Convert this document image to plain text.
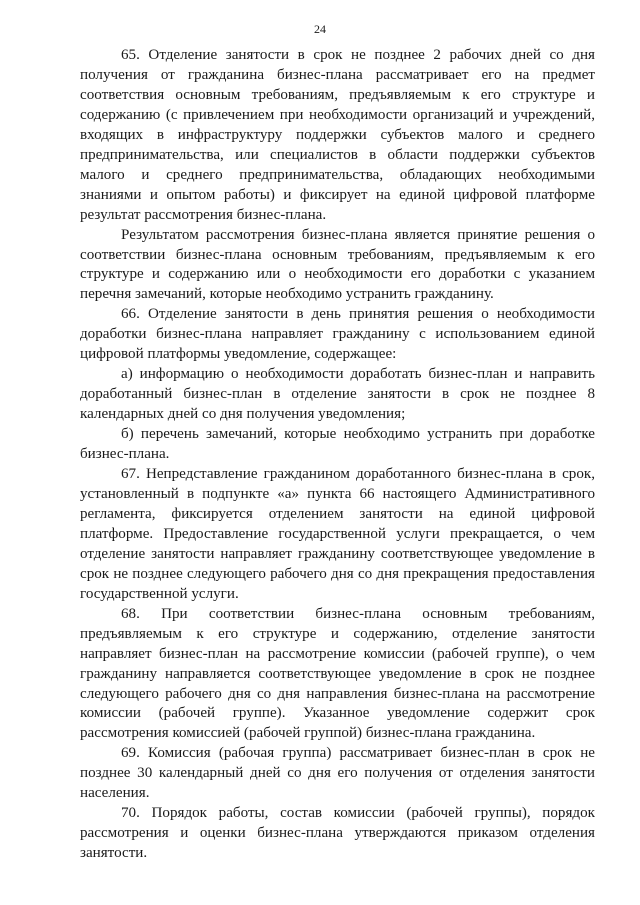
24

65. Отделение занятости в срок не позднее 2 рабочих дней со дня получения от гражданина бизнес-плана рассматривает его на предмет соответствия основным требованиям, предъявляемым к его структуре и содержанию (с привлечением при необходимости организаций и учреждений, входящих в инфраструктуру поддержки субъектов малого и среднего предпринимательства, или специалистов в области поддержки субъектов малого и среднего предпринимательства, обладающих необходимыми знаниями и опытом работы) и фиксирует на единой цифровой платформе результат рассмотрения бизнес-плана.

Результатом рассмотрения бизнес-плана является принятие решения о соответствии бизнес-плана основным требованиям, предъявляемым к его структуре и содержанию или о необходимости его доработки с указанием перечня замечаний, которые необходимо устранить гражданину.

66. Отделение занятости в день принятия решения о необходимости доработки бизнес-плана направляет гражданину с использованием единой цифровой платформы уведомление, содержащее:

а) информацию о необходимости доработать бизнес-план и направить доработанный бизнес-план в отделение занятости в срок не позднее 8 календарных дней со дня получения уведомления;

б) перечень замечаний, которые необходимо устранить при доработке бизнес-плана.

67. Непредставление гражданином доработанного бизнес-плана в срок, установленный в подпункте «а» пункта 66 настоящего Административного регламента, фиксируется отделением занятости на единой цифровой платформе. Предоставление государственной услуги прекращается, о чем отделение занятости направляет гражданину соответствующее уведомление в срок не позднее следующего рабочего дня со дня прекращения предоставления государственной услуги.

68. При соответствии бизнес-плана основным требованиям, предъявляемым к его структуре и содержанию, отделение занятости направляет бизнес-план на рассмотрение комиссии (рабочей группе), о чем гражданину направляется соответствующее уведомление в срок не позднее следующего рабочего дня со дня направления бизнес-плана на рассмотрение комиссии (рабочей группе). Указанное уведомление содержит срок рассмотрения комиссией (рабочей группой) бизнес-плана гражданина.

69. Комиссия (рабочая группа) рассматривает бизнес-план в срок не позднее 30 календарный дней со дня его получения от отделения занятости населения.

70. Порядок работы, состав комиссии (рабочей группы), порядок рассмотрения и оценки бизнес-плана утверждаются приказом отделения занятости.
